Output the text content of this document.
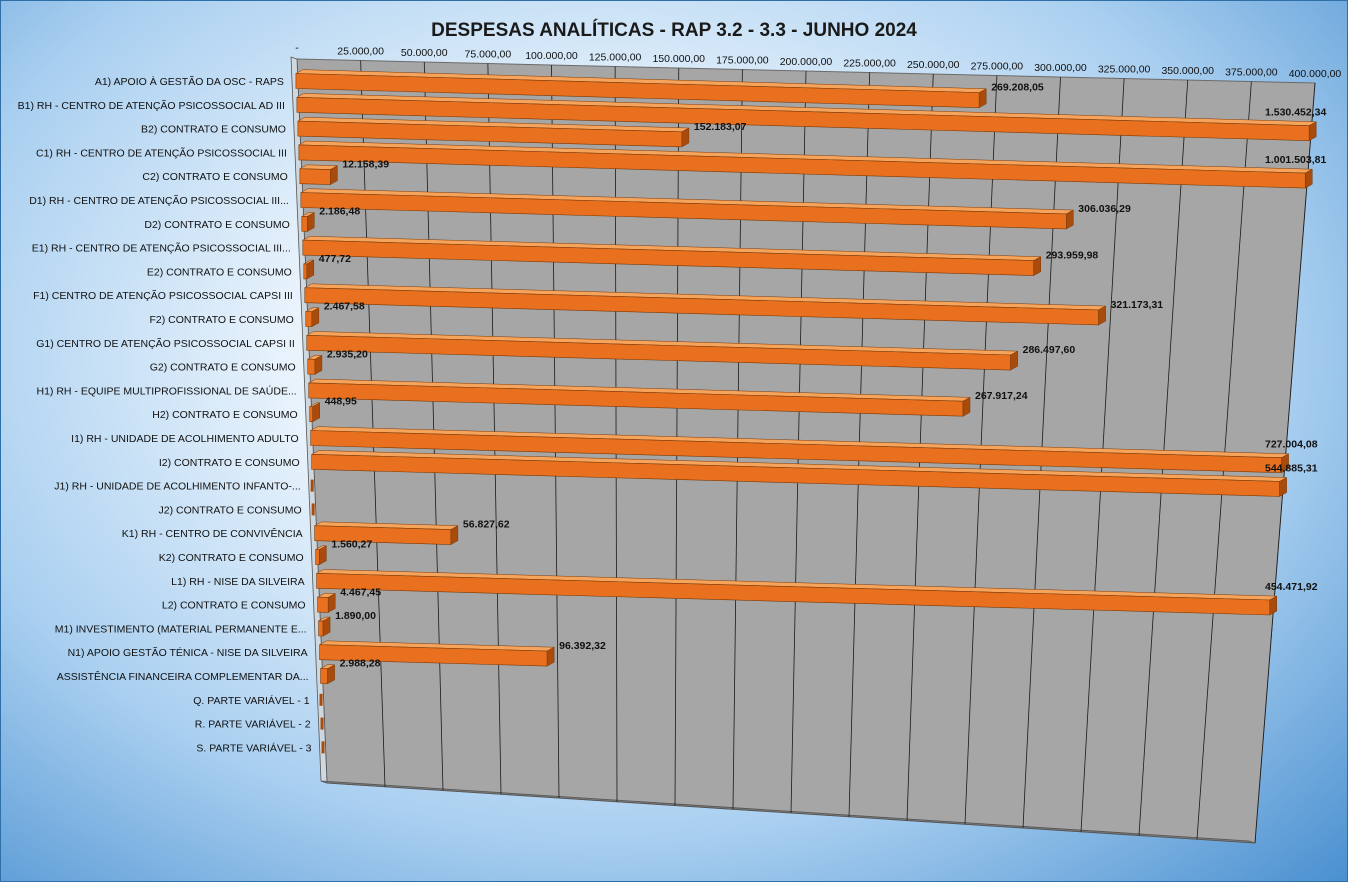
DESPESAS ANALÍTICAS - RAP 3.2 - 3.3 - JUNHO 2024
-	25.000,00 50.000,00 75.000,00 100.000,00 125.000,00 150.000,00 175.000,00 200.000,00 225.000,00 250.000,00 275.000,00 300.000,00 325.000,00 350.000,00 375.000,00 400.000,00
A1) APOIO À GESTÃO DA OSC - RAPS
B1) RH - CENTRO DE ATENÇÃO PSICOSSOCIAL AD III
B2) CONTRATO E CONSUMO
C1) RH - CENTRO DE ATENÇÃO PSICOSSOCIAL III
C2) CONTRATO E CONSUMO
D1) RH - CENTRO DE ATENÇÃO PSICOSSOCIAL III...
D2) CONTRATO E CONSUMO
E1) RH - CENTRO DE ATENÇÃO PSICOSSOCIAL III...
E2) CONTRATO E CONSUMO
F1) CENTRO DE ATENÇÃO PSICOSSOCIAL CAPSI III
F2) CONTRATO E CONSUMO
G1) CENTRO DE ATENÇÃO PSICOSSOCIAL CAPSI II
G2) CONTRATO E CONSUMO
H1) RH - EQUIPE MULTIPROFISSIONAL DE SAÚDE...
H2) CONTRATO E CONSUMO
I1) RH - UNIDADE DE ACOLHIMENTO ADULTO
I2) CONTRATO E CONSUMO
J1) RH - UNIDADE DE ACOLHIMENTO INFANTO-...
J2) CONTRATO E CONSUMO
K1) RH - CENTRO DE CONVIVÊNCIA
K2) CONTRATO E CONSUMO
L1) RH - NISE DA SILVEIRA
L2) CONTRATO E CONSUMO
M1) INVESTIMENTO (MATERIAL PERMANENTE E...
N1) APOIO GESTÃO TÉNICA - NISE DA SILVEIRA
ASSISTÊNCIA FINANCEIRA COMPLEMENTAR DA...
Q. PARTE VARIÁVEL - 1
R. PARTE VARIÁVEL - 2
S. PARTE VARIÁVEL - 3
269.208,05
1.530.452,34
152.183,07
1.001.503,81
12.158,39
306.036,29
2.186,48
293.959,98
477,72
321.173,31
2.467,58
286.497,60
2.935,20
267.917,24
448,95
727.004,08
544.885,31
56.827,62
1.560,27
454.471,92
4.467,45
1.890,00
96.392,32
2.988,28
